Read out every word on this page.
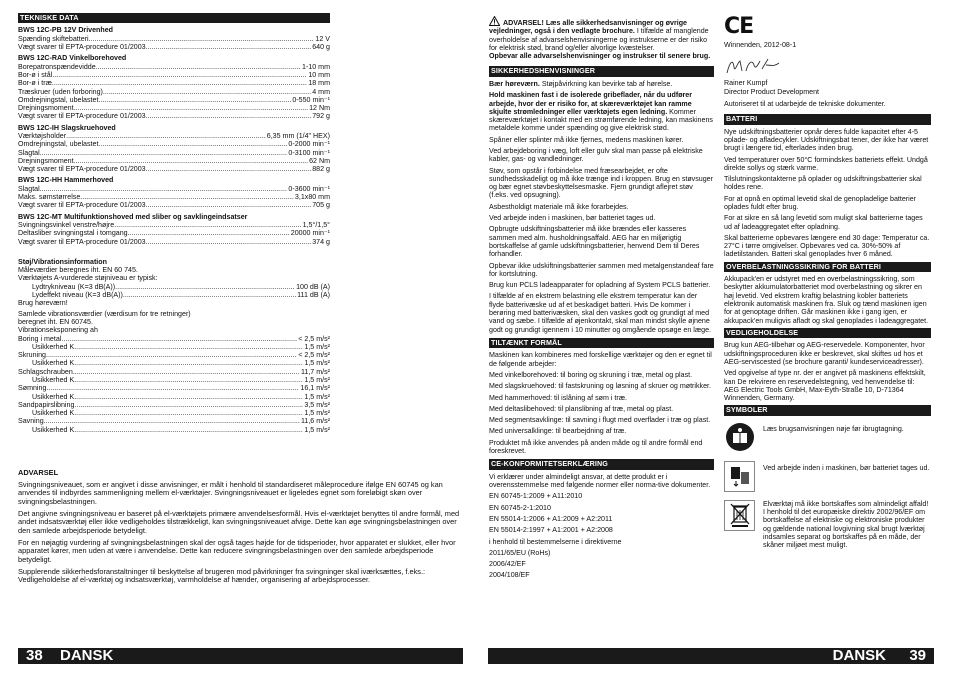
TEKNISKE DATA
BWS 12C-PB 12V Drivenhed
Spænding skiftebatteri .....	12 V
Vægt svarer til EPTA-procedure 01/2003 .....	640 g
BWS 12C-RAD Vinkelborehoved
Borepatronspændevidde .....	1-10 mm
Bor-ø i stål .....	10 mm
Bor-ø i træ .....	18 mm
Træskruer (uden forboring) .....	4 mm
Omdrejningstal, ubelastet .....	0-550 min⁻¹
Drejningsmoment .....	12 Nm
Vægt svarer til EPTA-procedure 01/2003 .....	792 g
BWS 12C-IH Slagskruehoved
Værktøjsholder .....	6,35 mm (1/4" HEX)
Omdrejningstal, ubelastet .....	0-2000 min⁻¹
Slagtal .....	0-3100 min⁻¹
Drejningsmoment .....	62 Nm
Vægt svarer til EPTA-procedure 01/2003 .....	882 g
BWS 12C-HH Hammerhoved
Slagtal .....	0-3600 min⁻¹
Maks. sømstørrelse .....	3,1x80 mm
Vægt svarer til EPTA-procedure 01/2003 .....	705 g
BWS 12C-MT Multifunktionshoved med sliber og savklingeindsatser
Svingningsvinkel venstre/højre .....	1,5°/1,5°
Deltasliber svingningstal i tomgang .....	20000 min⁻¹
Vægt svarer til EPTA-procedure 01/2003 .....	374 g
Støj/Vibrationsinformation
Måleværdier beregnes iht. EN 60 745.
Værktøjets A-vurderede støjniveau er typisk:
Lydtrykniveau (K=3 dB(A)) .....	100 dB (A)
Lydeffekt niveau (K=3 dB(A)) .....	111 dB (A)
Brug høreværn!
Samlede vibrationsværdier (værdisum for tre retninger)
beregnet iht. EN 60745.
Vibrationseksponering ah
Boring i metal .....	< 2,5 m/s²
Usikkerhed K .....	1,5 m/s²
Skruning .....	< 2,5 m/s²
Usikkerhed K .....	1,5 m/s²
Schlagschrauben .....	11,7 m/s²
Usikkerhed K .....	1,5 m/s²
Sømning .....	16,1 m/s²
Usikkerhed K .....	1,5 m/s²
Sandpapirslibning .....	3,5 m/s²
Usikkerhed K .....	1,5 m/s²
Savning .....	11,6 m/s²
Usikkerhed K .....	1,5 m/s²
ADVARSEL
Svingningsniveauet, som er angivet i disse anvisninger, er målt i henhold til standardiseret måleprocedure ifølge EN 60745 og kan anvendes til indbyrdes sammenligning mellem el-værktøjer. Svingningsniveauet er ligeledes egnet som foreløbigt skøn over svingningsbelastningen.
Det angivne svingningsniveau er baseret på el-værktøjets primære anvendelsesformål. Hvis el-værktøjet benyttes til andre formål, med andet indsatsværktøj eller ikke vedligeholdes tilstrækkeligt, kan svingningsniveauet afvige. Dette kan øge svingningsbelastningen over den samlede arbejdsperiode betydeligt.
For en nøjagtig vurdering af svingningsbelastningen skal der også tages højde for de tidsperioder, hvor apparatet er slukket, eller hvor apparatet kører, men uden at være i anvendelse. Dette kan reducere svingningsbelastningen over den samlede arbejdsperiode betydeligt.
Supplerende sikkerhedsforanstaltninger til beskyttelse af brugeren mod påvirkninger fra svingninger skal iværksættes, f.eks.: Vedligeholdelse af el-værktøj og indsatsværktøj, varmholdelse af hænder, organisering af arbejdsprocesser.
38 DANSK
ADVARSEL! Læs alle sikkerhedsanvisninger og øvrige vejledninger, også i den vedlagte brochure. I tilfælde af manglende overholdelse af advarselshenvisningerne og instrukserne er der risiko for elektrisk stød, brand og/eller alvorlige kvæstelser.
Opbevar alle advarselshenvisninger og instrukser til senere brug.
SIKKERHEDSHENVISNINGER
Bær høreværn. Støjpåvirkning kan bevirke tab af hørelse.
Hold maskinen fast i de isolerede gribeflader, når du udfører arbejde, hvor der er risiko for, at skæreværktøjet kan ramme skjulte strømledninger eller værktøjets egen ledning. Kommer skæreværktøjet i kontakt med en strømførende ledning, kan maskinens metaldele komme under spænding og give elektrisk stød.
Spåner eller splinter må ikke fjernes, medens maskinen kører.
Ved arbejdeboring i væg, loft eller gulv skal man passe på elektriske kabler, gas- og vandledninger.
Støv, som opstår i forbindelse med fræsearbejdet, er ofte sundhedsskadeligt og må ikke trænge ind i kroppen. Brug en støvsuger og bær egnet støvbeskyttelsesmaske. Fjern grundigt aflejret støv (f.eks. ved opsugning).
Asbestholdigt materiale må ikke forarbejdes.
Ved arbejde inden i maskinen, bør batteriet tages ud.
Opbrugte udskiftningsbatterier må ikke brændes eller kasseres sammen med alm. husholdningsaffald. AEG har en miljørigtig bortskaffelse af gamle udskiftningsbatterier, henvend Dem til Deres forhandler.
Opbevar ikke udskiftningsbatterier sammen med metalgenstandeaf fare for kortslutning.
Brug kun PCLS ladeapparater for opladning af System PCLS batterier.
I tilfælde af en ekstrem belastning elle ekstrem temperatur kan der flyde batterivæske ud af et beskadiget batteri. Hvis De kommer i berøring med batterivæsken, skal den vaskes godt og grundigt af med vand og sæbe. I tilfælde af øjenkontakt, skal man mindst skylle øjnene godt og grundigt igennem i 10 minutter og omgående opsøge en læge.
TILTÆNKT FORMÅL
Maskinen kan kombineres med forskellige værktøjer og den er egnet til de følgende arbejder:
Med vinkelborehoved: til boring og skruning i træ, metal og plast.
Med slagskruehoved: til fastskruning og løsning af skruer og møtrikker.
Med hammerhoved: til islåning af søm i træ.
Med deltaslibehoved: til planslibning af træ, metal og plast.
Med segmentsavklinge: til savning i flugt med overflader i træ og plast.
Med universalklinge: til bearbejdning af træ.
Produktet må ikke anvendes på anden måde og til andre formål end foreskrevet.
CE-KONFORMITETSERKLÆRING
Vi erklærer under almindeligt ansvar, at dette produkt er i overensstemmelse med følgende normer eller norma-tive dokumenter.
EN 60745-1:2009 + A11:2010
EN 60745-2-1:2010
EN 55014-1:2006 + A1:2009 + A2:2011
EN 55014-2:1997 + A1:2001 + A2:2008
i henhold til bestemmelserne i direktiverne
2011/65/EU (RoHs)
2006/42/EF
2004/108/EF
CE
Winnenden, 2012-08-1
Rainer Kumpf
Director Product Development
Autoriseret til at udarbejde de tekniske dokumenter.
BATTERI
Nye udskiftningsbatterier opnår deres fulde kapacitet efter 4-5 oplade- og afladecykler. Udskiftningsbat tener, der ikke har været brugt i længere tid, efterlades inden brug.
Ved temperaturer over 50°C formindskes batteriets effekt. Undgå direkte sollys og stærk varme.
Tilslutningskontakterne på oplader og udskiftningsbatterier skal holdes rene.
For at opnå en optimal levetid skal de genopladelige batterier oplades fuldt efter brug.
For at sikre en så lang levetid som muligt skal batterierne tages ud af ladeaggregatet efter opladning.
Skal batterierne opbevares længere end 30 dage: Temperatur ca. 27°C i tørre omgivelser. Opbevares ved ca. 30%-50% af ladetilstanden. Batteri skal genoplades hver 6 måned.
OVERBELASTNINGSSIKRING FOR BATTERI
Akkupack'en er udstyret med en overbelastningssikring, som beskytter akkumulatorbatteriet mod overbelastning og sikrer en høj levetid. Ved ekstrem kraftig belastning kobler batteriets elektronik automatisk maskinen fra. Sluk og tænd maskinen igen for at genoptage driften. Går maskinen ikke i gang igen, er akkupack'en muligvis afladt og skal genoplades i ladeaggregatet.
VEDLIGEHOLDELSE
Brug kun AEG-tilbehør og AEG-reservedele. Komponenter, hvor udskiftningsproceduren ikke er beskrevet, skal skiftes ud hos et AEG-serviscested (se brochure garanti/ kundeserviceadresser).
Ved opgivelse af type nr. der er angivet på maskinens effektskilt, kan De rekvirere en reservedelstegning, ved henvendelse til: AEG Electric Tools GmbH, Max-Eyth-Straße 10, D-71364 Winnenden, Germany.
SYMBOLER
Læs brugsanvisningen nøje før ibrugtagning.
Ved arbejde inden i maskinen, bør batteriet tages ud.
Elværktøj må ikke bortskaffes som almindeligt affald! I henhold til det europæiske direktiv 2002/96/EF om bortskaffelse af elektriske og elektroniske produkter og gældende national lovgivning skal brugt lværktøj indsamles separat og bortskaffes på en måde, der skåner miljøet mest muligt.
DANSK 39
